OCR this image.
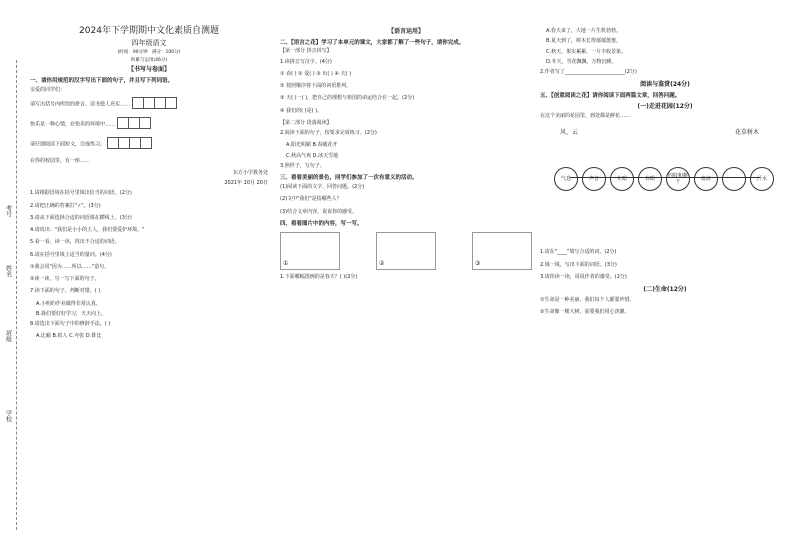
考号
姓名
班级
学校
2024年下学期期中文化素质自测题
四年级语文
(时间：90分钟　满分：100分)
积累与运用(46分)
【书写与卷面】

一、请你用规范的汉字写出下面的句子，并且写下列词语。

亲爱的同学们：

请写出括号内所给的拼音。读书使人充实……

快乐是一种心情，在快乐的环境中……

请仔细阅读下面短文，完成练习。

在你的校园里，有一座……

东方小学教务处

2021年 10月 20日

1.请根据语境在括号里填出恰当的词语。(2分)

2.请把正确的答案打"✓"。(3分)

3.请从下面选择合适的词语填在横线上。(3分)

4.请说出："我们是小小的主人，我们要爱护环境。"

5.看一看，读一读，找出不合适的词语。

6.请在括号里填上适当的量词。(4分)

①我会用"因为……所以……"造句。

②读一读，写一写下面的句子。

7.读下面的句子，判断对错。( )

A.小明的作业做得非常认真。

B.我们要好好学习，天天向上。

8.请选出下面句子中的修辞手法。( )

A.比喻 B.拟人 C.夸张 D.排比

【语言运用】

二、【语言之花】学习了本单元的课文，大家都了解了一些句子，请你完成。

【第一部分 拼音拼写】

1.读拼音写汉字。(4分)

① 看( ) ② 爱( ) ③ 出( ) ④ 夫( )

② 按照顺序将下面的词语排列。

③ 天( )一( )，把自己的理想与祖国的命运结合在一起。(2分)

④ 我们的( )是( )。

【第二部分 段落阅读】

2.阅读下面的句子，按要求完成练习。(2分)

A.阳光明媚 B.春暖花开

C.秋高气爽 D.冰天雪地

3.照样子，写句子。

三、看看美丽的景色，同学们参加了一次有意义的活动。

(1)阅读下面的文字，回答问题。(2分)

(2)文中"我们"是指哪些人？

(3)结合文章内容，说说你的感受。

四、看看图片中的内容，写一写。

①	②	③

1.下面哪幅图画的是春天？( )(2分)

A.春天来了，大地一片生机勃勃。

B.夏天到了，树木长得郁郁葱葱。

C.秋天，果实累累，一片丰收景象。

D.冬天，雪花飘飘，万物沉睡。

2.作者写了________________________(2分)

阅读与鉴赏(24分)

五、【创意阅读之花】请你阅读下面两篇文章，回答问题。

(一)走进花园(12分)

在这个美丽的花园里，到处都是鲜花……

风、云	花草树木
气息	声音	左眼	右眼
四肢和躯干
血液	汗水

1.请在"____"填写合适的词。(2分)

2.填一填，写出下面的词语。(3分)

3.请你读一读，说说作者的感受。(2分)

(二)生命(12分)

①生命是一种美丽，我们每个人都要珍惜。

②生命像一棵大树，需要我们用心浇灌。
